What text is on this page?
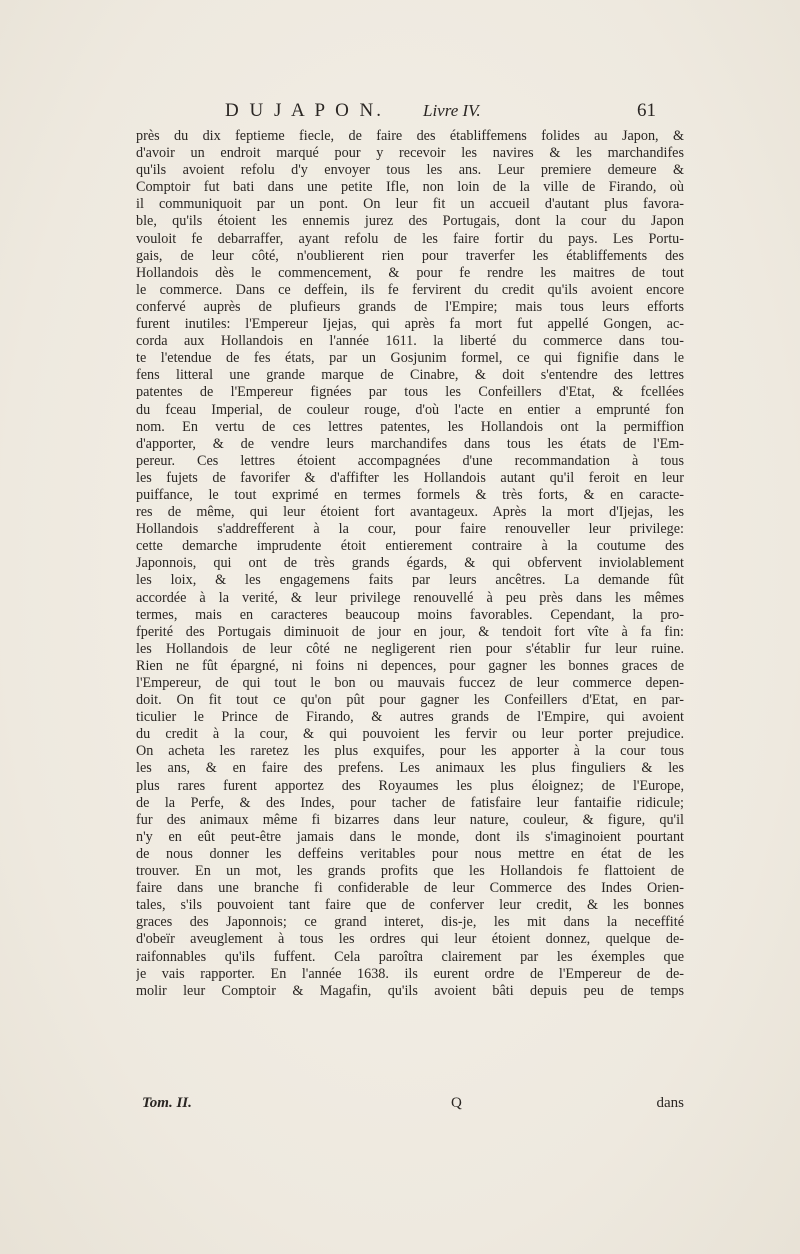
D U J A P O N. Livre IV.	61
près du dix feptieme fiecle, de faire des établiffemens folides au Japon, &
d'avoir un endroit marqué pour y recevoir les navires & les marchandifes
qu'ils avoient refolu d'y envoyer tous les ans. Leur premiere demeure &
Comptoir fut bati dans une petite Ifle, non loin de la ville de Firando, où
il communiquoit par un pont. On leur fit un accueil d'autant plus favora-
ble, qu'ils étoient les ennemis jurez des Portugais, dont la cour du Japon
vouloit fe debarraffer, ayant refolu de les faire fortir du pays. Les Portu-
gais, de leur côté, n'oublierent rien pour traverfer les établiffements des
Hollandois dès le commencement, & pour fe rendre les maitres de tout
le commerce. Dans ce deffein, ils fe fervirent du credit qu'ils avoient encore
confervé auprès de plufieurs grands de l'Empire; mais tous leurs efforts
furent inutiles: l'Empereur Ijejas, qui après fa mort fut appellé Gongen, ac-
corda aux Hollandois en l'année 1611. la liberté du commerce dans tou-
te l'etendue de fes états, par un Gosjunim formel, ce qui fignifie dans le
fens litteral une grande marque de Cinabre, & doit s'entendre des lettres
patentes de l'Empereur fignées par tous les Confeillers d'Etat, & fcellées
du fceau Imperial, de couleur rouge, d'où l'acte en entier a emprunté fon
nom. En vertu de ces lettres patentes, les Hollandois ont la permiffion
d'apporter, & de vendre leurs marchandifes dans tous les états de l'Em-
pereur. Ces lettres étoient accompagnées d'une recommandation à tous
les fujets de favorifer & d'affifter les Hollandois autant qu'il feroit en leur
puiffance, le tout exprimé en termes formels & très forts, & en caracte-
res de même, qui leur étoient fort avantageux. Après la mort d'Ijejas, les
Hollandois s'addrefferent à la cour, pour faire renouveller leur privilege:
cette demarche imprudente étoit entierement contraire à la coutume des
Japonnois, qui ont de très grands égards, & qui obfervent inviolablement
les loix, & les engagemens faits par leurs ancêtres. La demande fût
accordée à la verité, & leur privilege renouvellé à peu près dans les mêmes
termes, mais en caracteres beaucoup moins favorables. Cependant, la pro-
fperité des Portugais diminuoit de jour en jour, & tendoit fort vîte à fa fin:
les Hollandois de leur côté ne negligerent rien pour s'établir fur leur ruine.
Rien ne fût épargné, ni foins ni depences, pour gagner les bonnes graces de
l'Empereur, de qui tout le bon ou mauvais fuccez de leur commerce depen-
doit. On fit tout ce qu'on pût pour gagner les Confeillers d'Etat, en par-
ticulier le Prince de Firando, & autres grands de l'Empire, qui avoient
du credit à la cour, & qui pouvoient les fervir ou leur porter prejudice.
On acheta les raretez les plus exquifes, pour les apporter à la cour tous
les ans, & en faire des prefens. Les animaux les plus finguliers & les
plus rares furent apportez des Royaumes les plus éloignez; de l'Europe,
de la Perfe, & des Indes, pour tacher de fatisfaire leur fantaifie ridicule;
fur des animaux même fi bizarres dans leur nature, couleur, & figure, qu'il
n'y en eût peut-être jamais dans le monde, dont ils s'imaginoient pourtant
de nous donner les deffeins veritables pour nous mettre en état de les
trouver. En un mot, les grands profits que les Hollandois fe flattoient de
faire dans une branche fi confiderable de leur Commerce des Indes Orien-
tales, s'ils pouvoient tant faire que de conferver leur credit, & les bonnes
graces des Japonnois; ce grand interet, dis-je, les mit dans la neceffité
d'obeïr aveuglement à tous les ordres qui leur étoient donnez, quelque de-
raifonnables qu'ils fuffent. Cela paroîtra clairement par les éxemples que
je vais rapporter. En l'année 1638. ils eurent ordre de l'Empereur de de-
molir leur Comptoir & Magafin, qu'ils avoient bâti depuis peu de temps
Tom. II.	Q	dans
